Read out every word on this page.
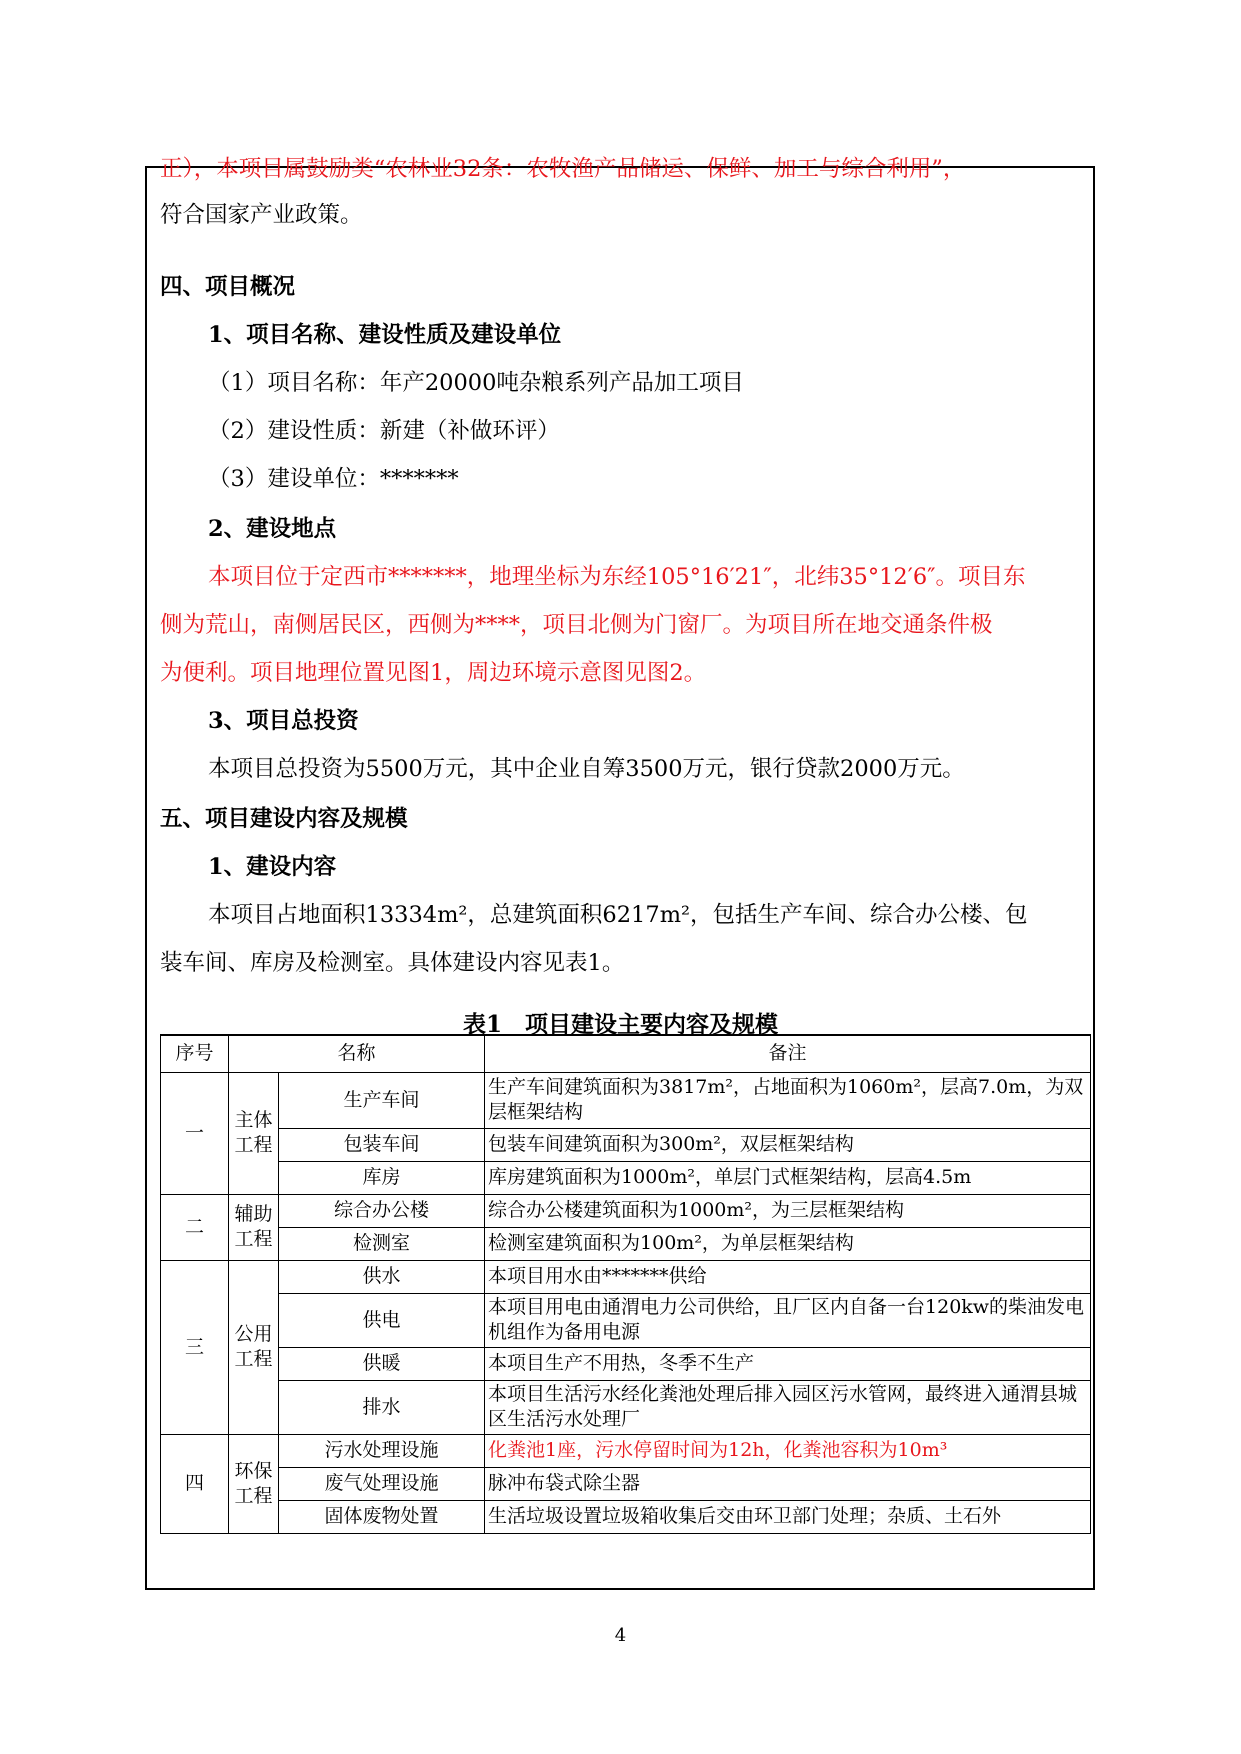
正），本项目属鼓励类“农林业32条：农牧渔产品储运、保鲜、加工与综合利用”，
符合国家产业政策。
四、项目概况
1、项目名称、建设性质及建设单位
（1）项目名称：年产20000吨杂粮系列产品加工项目
（2）建设性质：新建（补做环评）
（3）建设单位：*******
2、建设地点
本项目位于定西市*******，地理坐标为东经105°16′21″，北纬35°12′6″。项目东
侧为荒山，南侧居民区，西侧为****，项目北侧为门窗厂。为项目所在地交通条件极
为便利。项目地理位置见图1，周边环境示意图见图2。
3、项目总投资
本项目总投资为5500万元，其中企业自筹3500万元，银行贷款2000万元。
五、项目建设内容及规模
1、建设内容
本项目占地面积13334m²，总建筑面积6217m²，包括生产车间、综合办公楼、包
装车间、库房及检测室。具体建设内容见表1。
表1　项目建设主要内容及规模
序号	名称		备注
一	主体工程	生产车间	生产车间建筑面积为3817m²，占地面积为1060m²，层高7.0m，为双层框架结构
		包装车间	包装车间建筑面积为300m²，双层框架结构
		库房	库房建筑面积为1000m²，单层门式框架结构，层高4.5m
二	辅助工程	综合办公楼	综合办公楼建筑面积为1000m²，为三层框架结构
		检测室	检测室建筑面积为100m²，为单层框架结构
三	公用工程	供水	本项目用水由*******供给
		供电	本项目用电由通渭电力公司供给，且厂区内自备一台120kw的柴油发电机组作为备用电源
		供暖	本项目生产不用热，冬季不生产
		排水	本项目生活污水经化粪池处理后排入园区污水管网，最终进入通渭县城区生活污水处理厂
四	环保工程	污水处理设施	化粪池1座，污水停留时间为12h，化粪池容积为10m³
		废气处理设施	脉冲布袋式除尘器
		固体废物处置	生活垃圾设置垃圾箱收集后交由环卫部门处理；杂质、土石外
4
